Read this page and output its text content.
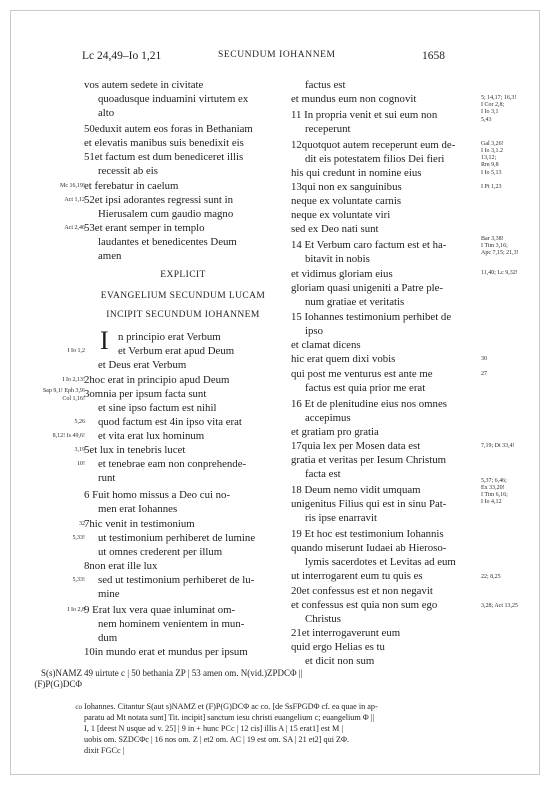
Lc 24,49–Io 1,21	SECUNDUM IOHANNEM	1658
vos autem sedete in civitate
quoadusque induamini virtutem ex
alto
50eduxit autem eos foras in Bethaniam
et elevatis manibus suis benedixit eis
51et factum est dum benediceret illis
recessit ab eis
et ferebatur in caelum
52et ipsi adorantes regressi sunt in
Hierusalem cum gaudio magno
53et erant semper in templo
laudantes et benedicentes Deum
amen
EXPLICIT
EVANGELIUM SECUNDUM LUCAM
INCIPIT SECUNDUM IOHANNEM
I n principio erat Verbum
et Verbum erat apud Deum
et Deus erat Verbum
2hoc erat in principio apud Deum
3omnia per ipsum facta sunt
et sine ipso factum est nihil
quod factum est 4in ipso vita erat
et vita erat lux hominum
5et lux in tenebris lucet
et tenebrae eam non conprehende-
runt
6 Fuit homo missus a Deo cui no-
men erat Iohannes
7hic venit in testimonium
ut testimonium perhiberet de lumine
ut omnes crederent per illum
8non erat ille lux
sed ut testimonium perhiberet de lu-
mine
9 Erat lux vera quae inluminat om-
nem hominem venientem in mun-
dum
10in mundo erat et mundus per ipsum
factus est
et mundus eum non cognovit
11 In propria venit et sui eum non
receperunt
12quotquot autem receperunt eum de-
dit eis potestatem filios Dei fieri
his qui credunt in nomine eius
13qui non ex sanguinibus
neque ex voluntate carnis
neque ex voluntate viri
sed ex Deo nati sunt
14 Et Verbum caro factum est et ha-
bitavit in nobis
et vidimus gloriam eius
gloriam quasi unigeniti a Patre ple-
num gratiae et veritatis
15 Iohannes testimonium perhibet de
ipso
et clamat dicens
hic erat quem dixi vobis
qui post me venturus est ante me
factus est quia prior me erat
16 Et de plenitudine eius nos omnes
accepimus
et gratiam pro gratia
17quia lex per Mosen data est
gratia et veritas per Iesum Christum
facta est
18 Deum nemo vidit umquam
unigenitus Filius qui est in sinu Pat-
ris ipse enarravit
19 Et hoc est testimonium Iohannis
quando miserunt Iudaei ab Hieroso-
lymis sacerdotes et Levitas ad eum
ut interrogarent eum tu quis es
20et confessus est et non negavit
et confessus est quia non sum ego
Christus
21et interrogaverunt eum
quid ergo Helias es tu
et dicit non sum
Mc 16,19!
Act 1,12
Act 2,46
I Io 1,2
I Io 2,13!
Sap 9,1! Eph 3,9!
Col 1,16!
5,26
8,12! Is 49,6!
3,19
10!
32
5,33!
5,33!
I Io 2,8
5; 14,17; 16,3!
I Cor 2,8;
I Io 3,1
5,43
Gal 3,26!
I Io 3,1.2
13,12;
Rm 9,8
I Io 5,13
I Pt 1,23
Bar 3,38!
I Tim 3,16;
Apc 7,15; 21,3!
11,40; Lc 9,32!
30
27
7,19; Dt 33,4!
5,37; 6,46;
Ex 33,20!
I Tim 6,16;
I Io 4,12
22; 8,25
3,28; Act 13,25
S(s)NAMZ
(F)P(G)DCΦ
co
49 uirtute c | 50 bethania ZP | 53 amen om. N(vid.)ZPDCΦ ||
Iohannes. Citantur S(aut s)NAMZ et (F)P(G)DCΦ ac co. [de SsFPGDΦ cf. ea quae in ap-
paratu ad Mt notata sunt] Tit. incipit] sanctum iesu christi euangelium c; euangelium Φ ||
I, 1 [deest N usque ad v. 25] | 9 in + hunc PCc | 12 cis] illis A | 15 erat1] est M |
uobis om. SZDCΦc | 16 nos om. Z | et2 om. AC | 19 est om. SA | 21 et2] qui ZΦ.
dixit FGCc |
